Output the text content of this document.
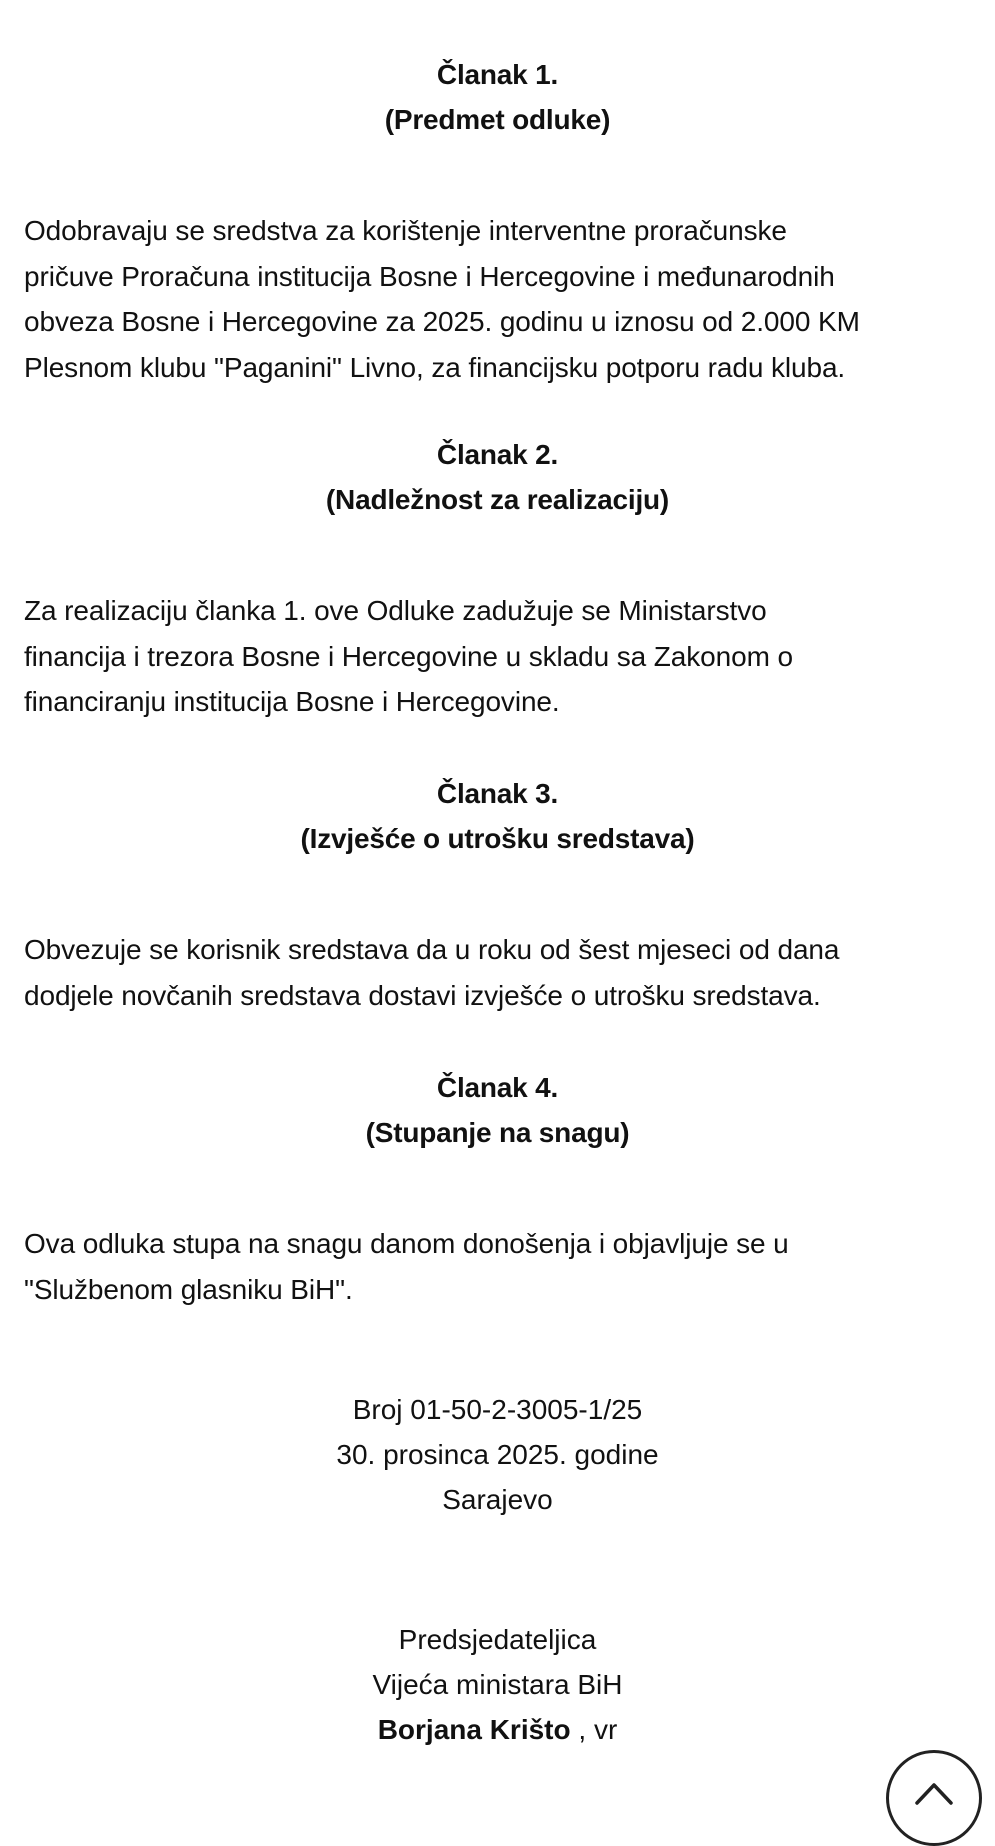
Članak 1.
(Predmet odluke)
Odobravaju se sredstva za korištenje interventne proračunske
pričuve Proračuna institucija Bosne i Hercegovine i međunarodnih
obveza Bosne i Hercegovine za 2025. godinu u iznosu od 2.000 KM
Plesnom klubu "Paganini" Livno, za financijsku potporu radu kluba.
Članak 2.
(Nadležnost za realizaciju)
Za realizaciju članka 1. ove Odluke zadužuje se Ministarstvo
financija i trezora Bosne i Hercegovine u skladu sa Zakonom o
financiranju institucija Bosne i Hercegovine.
Članak 3.
(Izvješće o utrošku sredstava)
Obvezuje se korisnik sredstava da u roku od šest mjeseci od dana
dodjele novčanih sredstava dostavi izvješće o utrošku sredstava.
Članak 4.
(Stupanje na snagu)
Ova odluka stupa na snagu danom donošenja i objavljuje se u
"Službenom glasniku BiH".
Broj 01-50-2-3005-1/25
30. prosinca 2025. godine
Sarajevo
Predsjedateljica
Vijeća ministara BiH
Borjana Krišto , vr
